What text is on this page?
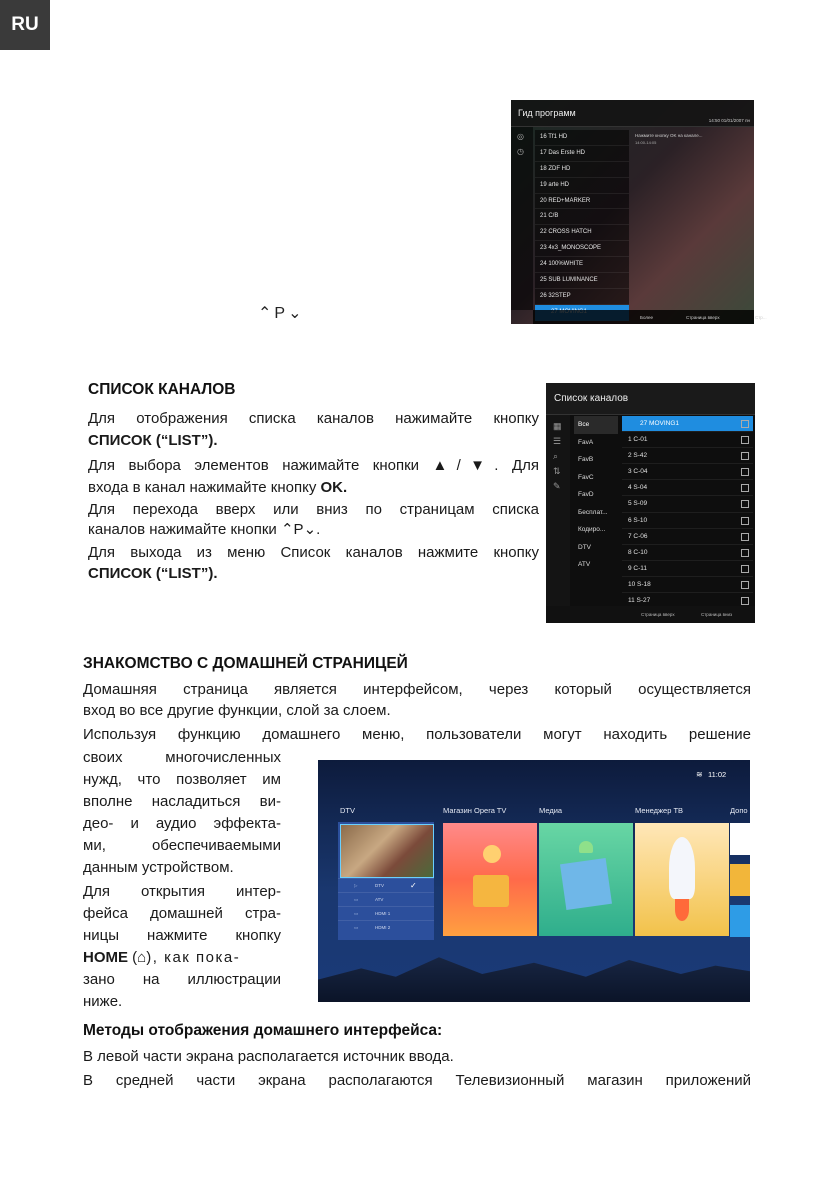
RU
⌃ P ⌄
Гид программ
14:50 01/01/2007 пн
◎
◷
16 Tf1 HD
17 Das Erste HD
18 ZDF HD
19 arte HD
20 RED+MARKER
21 C/B
22 CROSS HATCH
23 4x3_MONOSCOPE
24 100%WHITE
25 SUB LUMINANCE
26 32STEP
Нажмите кнопку OK на каналe...
14:00-14:05
Более	Страница вверх	Стр...
СПИСОК КАНАЛОВ
Для отображения списка каналов нажимайте кнопку
СПИСОК (“LIST”).
Для выбора элементов нажимайте кнопки ▲/▼. Для
входа в канал нажимайте кнопку OK.
Для перехода вверх или вниз по страницам списка
каналов нажимайте кнопки ⌃P⌄.
Для выхода из меню Список каналов нажмите кнопку
СПИСОК (“LIST”).
Список каналов
▦
☰
⌕
⇅
✎
Все
FavA
FavB
FavC
FavD
Бесплат...
Кодиро...
DTV
ATV
27 MOVING1
1 C-01
2 S-42
3 C-04
4 S-04
5 S-09
6 S-10
7 C-06
8 C-10
9 C-11
10 S-18
11 S-27
Страница вверх	Страница вниз
ЗНАКОМСТВО С ДОМАШНЕЙ СТРАНИЦЕЙ
Домашняя страница является интерфейсом, через который осуществляется
вход во все другие функции, слой за слоем.
Используя функцию домашнего меню, пользователи могут находить решение
своих многочисленных
нужд, что позволяет им
вполне насладиться ви-
део- и аудио эффекта-
ми, обеспечиваемыми
данным устройством.
Для открытия интер-
фейса домашней стра-
ницы нажмите кнопку
HOME (⌂), как пока-
зано на иллюстрации
ниже.
≋ 11:02
DTV	Магазин Opera TV	Медиа	Менеджер ТВ	Допо
▷	DTV	✓
▭	ATV
▭	HDMI 1
▭	HDMI 2
Методы отображения домашнего интерфейса:
В левой части экрана располагается источник ввода.
В средней части экрана располагаются Телевизионный магазин приложений
